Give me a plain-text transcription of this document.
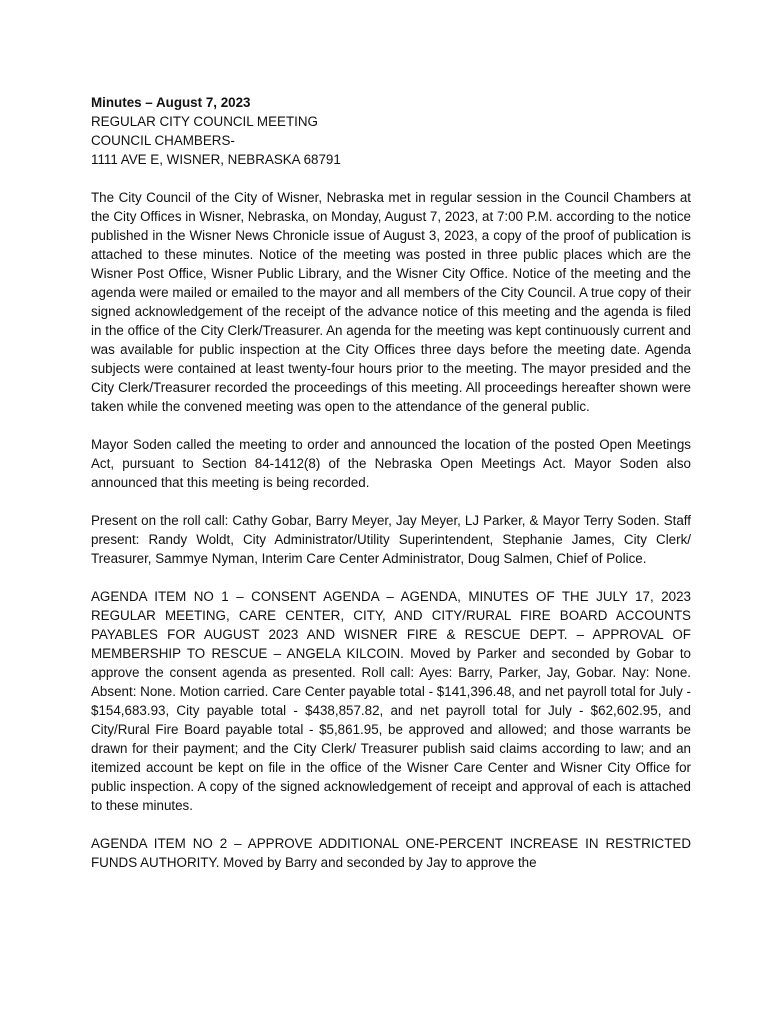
Minutes – August 7, 2023
REGULAR CITY COUNCIL MEETING
COUNCIL CHAMBERS-
1111 AVE E, WISNER, NEBRASKA 68791

The City Council of the City of Wisner, Nebraska met in regular session in the Council Chambers at the City Offices in Wisner, Nebraska, on Monday, August 7, 2023, at 7:00 P.M. according to the notice published in the Wisner News Chronicle issue of August 3, 2023, a copy of the proof of publication is attached to these minutes. Notice of the meeting was posted in three public places which are the Wisner Post Office, Wisner Public Library, and the Wisner City Office. Notice of the meeting and the agenda were mailed or emailed to the mayor and all members of the City Council. A true copy of their signed acknowledgement of the receipt of the advance notice of this meeting and the agenda is filed in the office of the City Clerk/Treasurer. An agenda for the meeting was kept continuously current and was available for public inspection at the City Offices three days before the meeting date. Agenda subjects were contained at least twenty-four hours prior to the meeting. The mayor presided and the City Clerk/Treasurer recorded the proceedings of this meeting. All proceedings hereafter shown were taken while the convened meeting was open to the attendance of the general public.

Mayor Soden called the meeting to order and announced the location of the posted Open Meetings Act, pursuant to Section 84-1412(8) of the Nebraska Open Meetings Act. Mayor Soden also announced that this meeting is being recorded.

Present on the roll call: Cathy Gobar, Barry Meyer, Jay Meyer, LJ Parker, & Mayor Terry Soden. Staff present: Randy Woldt, City Administrator/Utility Superintendent, Stephanie James, City Clerk/ Treasurer, Sammye Nyman, Interim Care Center Administrator, Doug Salmen, Chief of Police.

AGENDA ITEM NO 1 – CONSENT AGENDA – AGENDA, MINUTES OF THE JULY 17, 2023 REGULAR MEETING, CARE CENTER, CITY, AND CITY/RURAL FIRE BOARD ACCOUNTS PAYABLES FOR AUGUST 2023 AND WISNER FIRE & RESCUE DEPT. – APPROVAL OF MEMBERSHIP TO RESCUE – ANGELA KILCOIN. Moved by Parker and seconded by Gobar to approve the consent agenda as presented. Roll call: Ayes: Barry, Parker, Jay, Gobar. Nay: None. Absent: None. Motion carried. Care Center payable total - $141,396.48, and net payroll total for July - $154,683.93, City payable total - $438,857.82, and net payroll total for July - $62,602.95, and City/Rural Fire Board payable total - $5,861.95, be approved and allowed; and those warrants be drawn for their payment; and the City Clerk/ Treasurer publish said claims according to law; and an itemized account be kept on file in the office of the Wisner Care Center and Wisner City Office for public inspection. A copy of the signed acknowledgement of receipt and approval of each is attached to these minutes.

AGENDA ITEM NO 2 – APPROVE ADDITIONAL ONE-PERCENT INCREASE IN RESTRICTED FUNDS AUTHORITY. Moved by Barry and seconded by Jay to approve the
